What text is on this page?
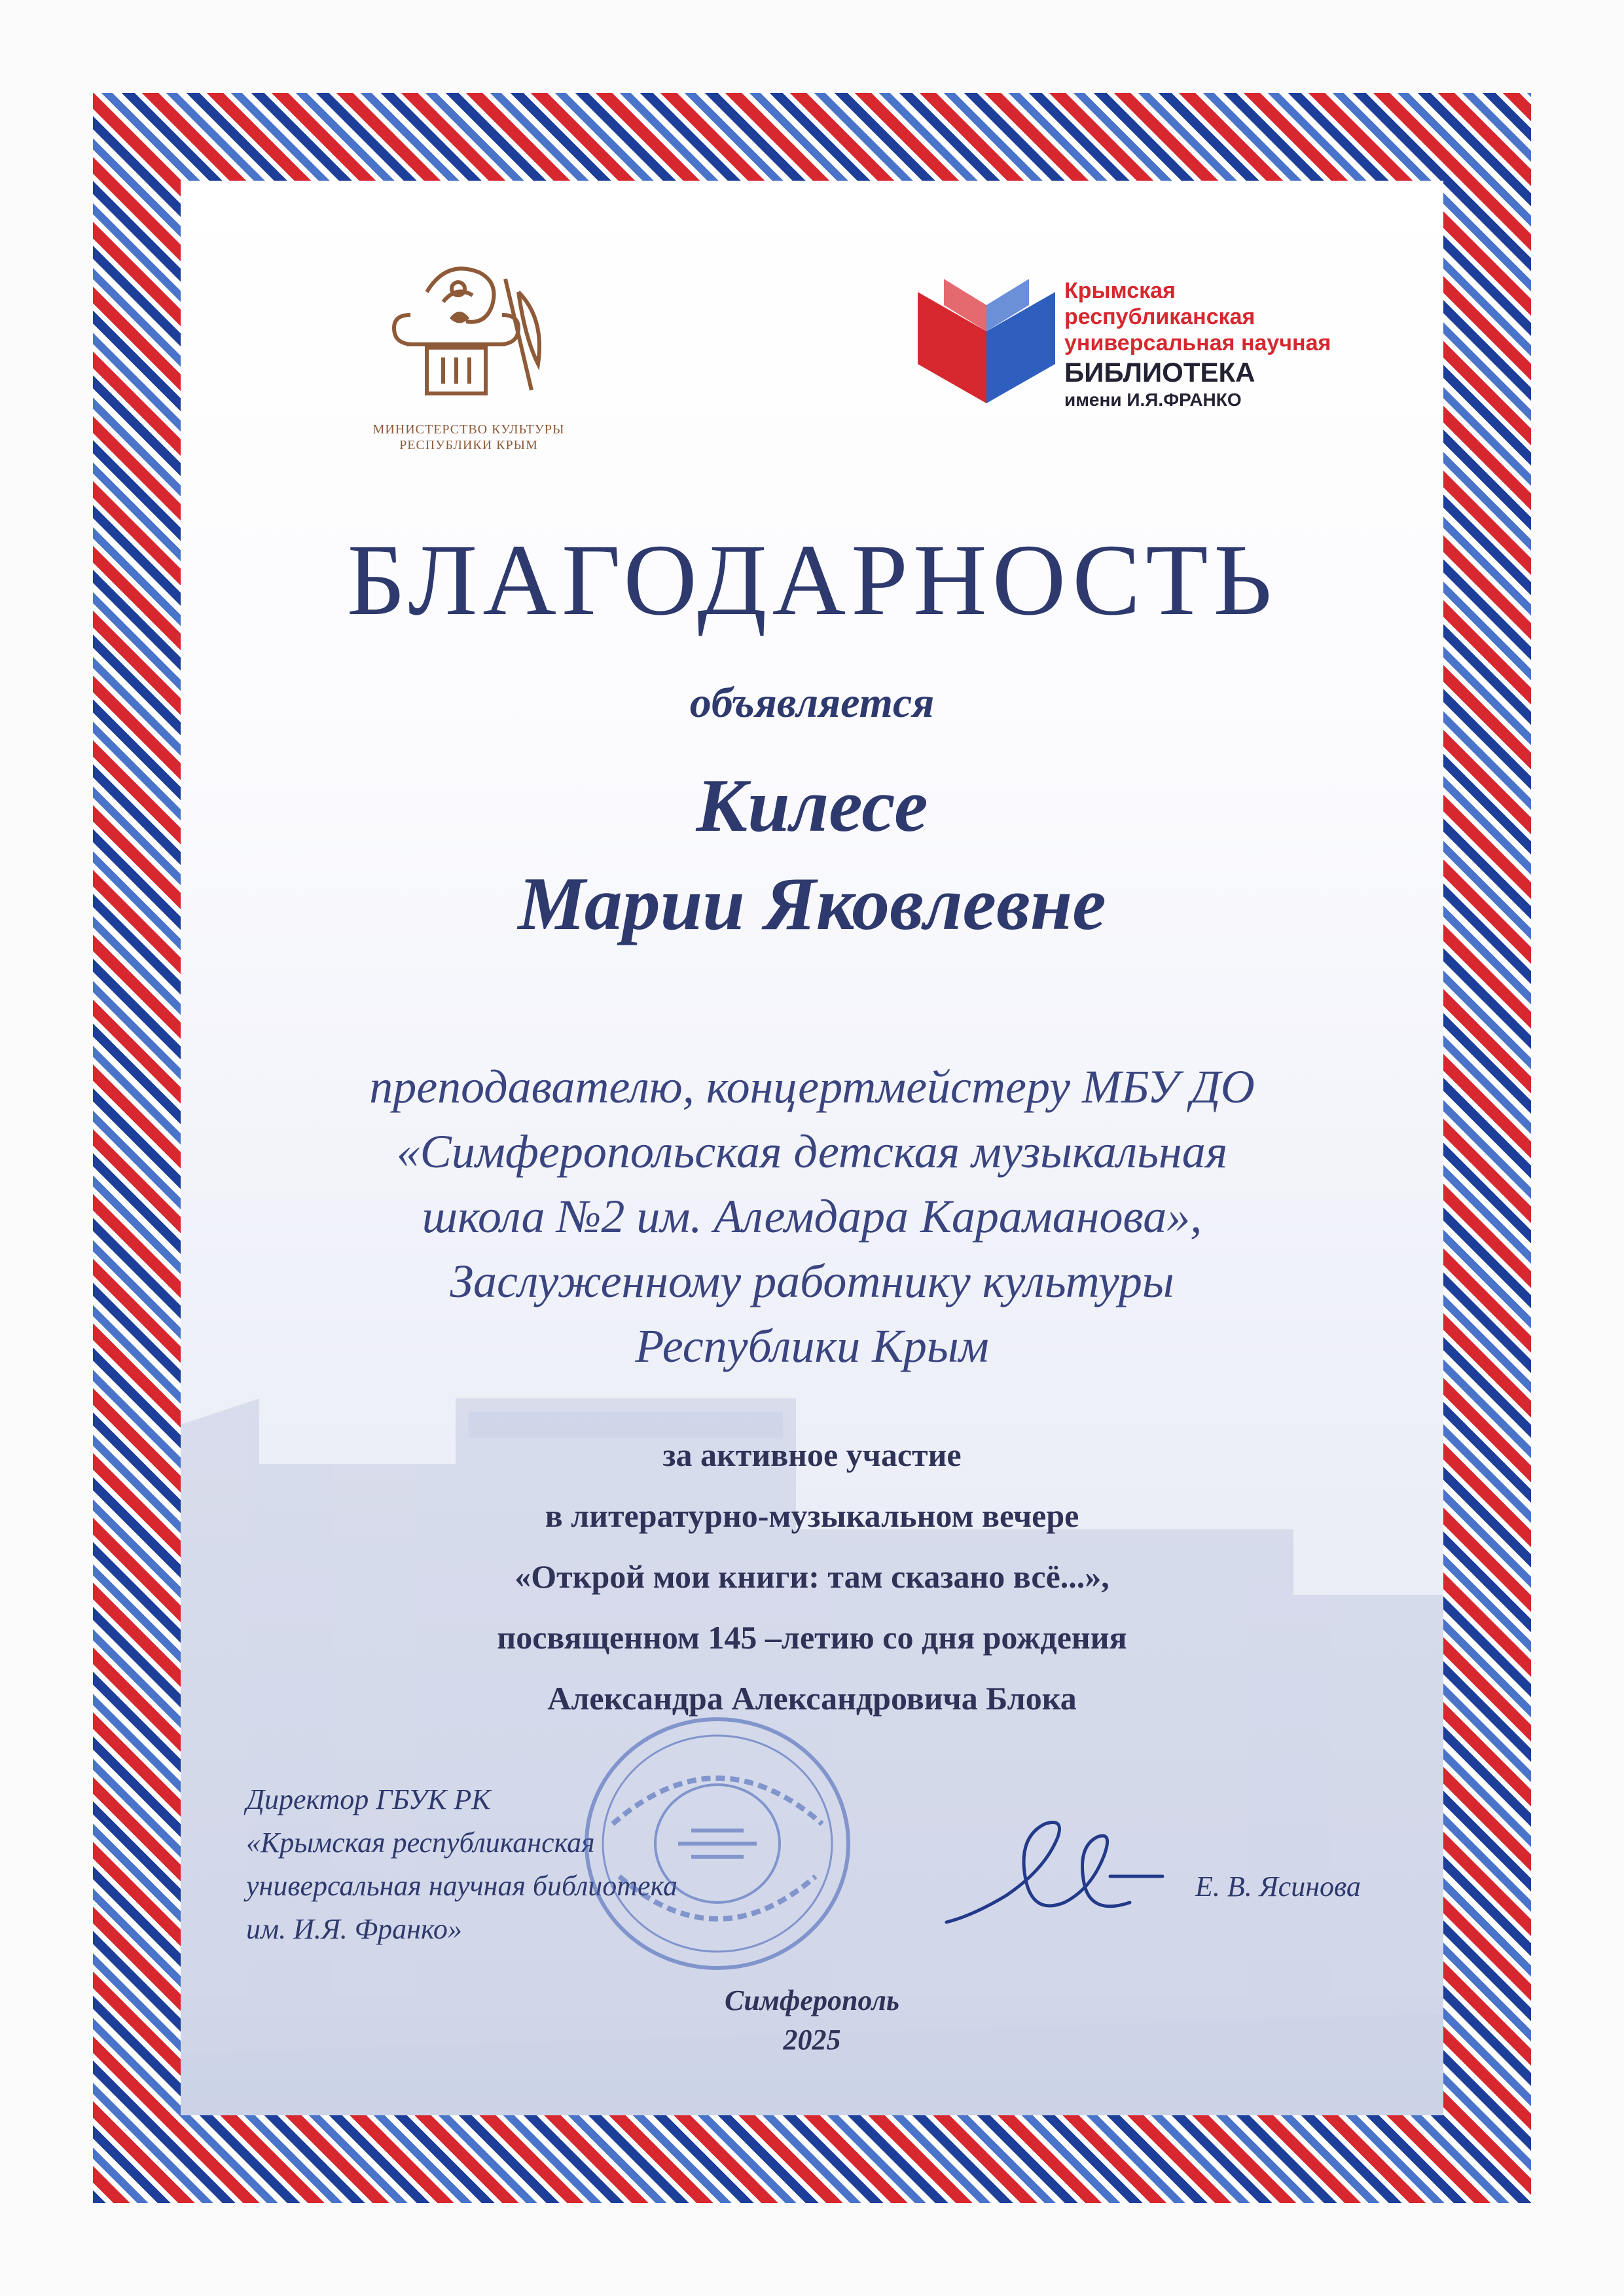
МИНИСТЕРСТВО КУЛЬТУРЫ
РЕСПУБЛИКИ КРЫМ
Крымская республиканская
универсальная научная
БИБЛИОТЕКА
имени И.Я.ФРАНКО
БЛАГОДАРНОСТЬ
объявляется
Килесе
Марии Яковлевне
преподавателю, концертмейстеру МБУ ДО
«Симферопольская детская музыкальная
школа №2 им. Алемдара Караманова»,
Заслуженному работнику культуры
Республики Крым
за активное участие
в литературно-музыкальном вечере
«Открой мои книги: там сказано всё...»,
посвященном 145 –летию со дня рождения
Александра Александровича Блока
Директор ГБУК РК
«Крымская республиканская
универсальная научная библиотека
им. И.Я. Франко»
Е. В. Ясинова
Симферополь
2025
